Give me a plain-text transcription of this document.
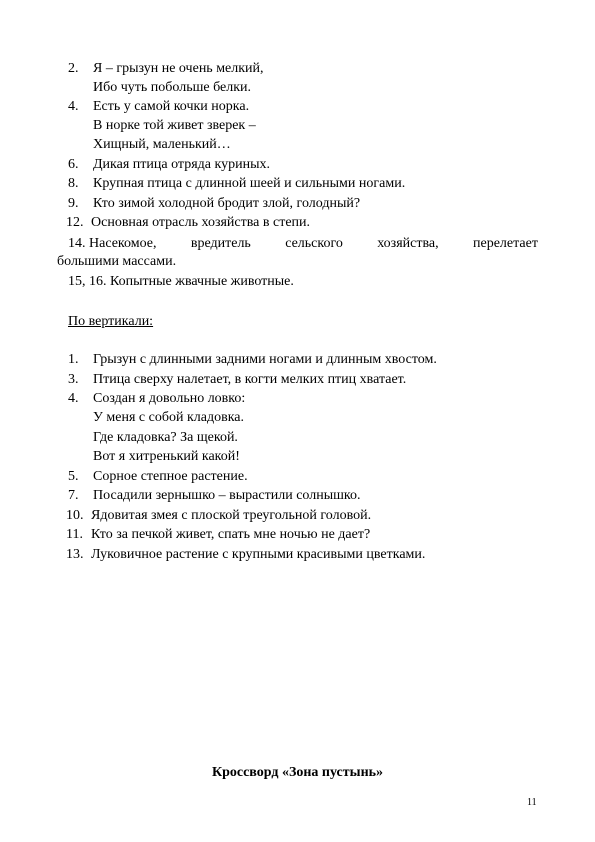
2. Я – грызун не очень мелкий,
Ибо чуть побольше белки.
4. Есть у самой кочки норка.
В норке той живет зверек –
Хищный, маленький…
6. Дикая птица отряда куриных.
8. Крупная птица с длинной шеей и сильными ногами.
9. Кто зимой холодной бродит злой, голодный?
12. Основная отрасль хозяйства в степи.
14. Насекомое, вредитель сельского хозяйства, перелетает
большими массами.
15, 16. Копытные жвачные животные.
По вертикали:
1. Грызун с длинными задними ногами и длинным хвостом.
3. Птица сверху налетает, в когти мелких птиц хватает.
4. Создан я довольно ловко:
У меня с собой кладовка.
Где кладовка? За щекой.
Вот я хитренький какой!
5. Сорное степное растение.
7. Посадили зернышко – вырастили солнышко.
10. Ядовитая змея с плоской треугольной головой.
11. Кто за печкой живет, спать мне ночью не дает?
13. Луковичное растение с крупными красивыми цветками.
Кроссворд «Зона пустынь»
11
